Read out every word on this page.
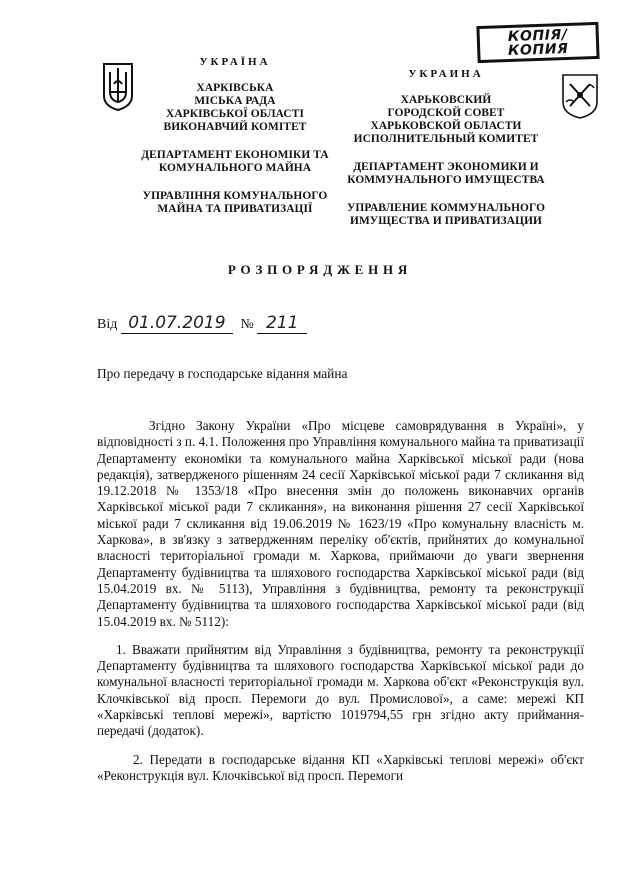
КОПІЯ/
КОПИЯ
УКРАЇНА
ХАРКІВСЬКА
МІСЬКА РАДА
ХАРКІВСЬКОЇ ОБЛАСТІ
ВИКОНАВЧИЙ КОМІТЕТ
ДЕПАРТАМЕНТ ЕКОНОМІКИ ТА
КОМУНАЛЬНОГО МАЙНА
УПРАВЛІННЯ КОМУНАЛЬНОГО
МАЙНА ТА ПРИВАТИЗАЦІЇ
УКРАИНА
ХАРЬКОВСКИЙ
ГОРОДСКОЙ СОВЕТ
ХАРЬКОВСКОЙ ОБЛАСТИ
ИСПОЛНИТЕЛЬНЫЙ КОМИТЕТ
ДЕПАРТАМЕНТ ЭКОНОМИКИ И
КОММУНАЛЬНОГО ИМУЩЕСТВА
УПРАВЛЕНИЕ КОММУНАЛЬНОГО
ИМУЩЕСТВА И ПРИВАТИЗАЦИИ
РОЗПОРЯДЖЕННЯ
Від 01.07.2019 № 211
Про передачу в господарське відання майна

Згідно Закону України «Про місцеве самоврядування в Україні», у відповідності з п. 4.1. Положення про Управління комунального майна та приватизації Департаменту економіки та комунального майна Харківської міської ради (нова редакція), затвердженого рішенням 24 сесії Харківської міської ради 7 скликання від 19.12.2018 № 1353/18 «Про внесення змін до положень виконавчих органів Харківської міської ради 7 скликання», на виконання рішення 27 сесії Харківської міської ради 7 скликання від 19.06.2019 № 1623/19 «Про комунальну власність м. Харкова», в зв'язку з затвердженням переліку об'єктів, прийнятих до комунальної власності територіальної громади м. Харкова, приймаючи до уваги звернення Департаменту будівництва та шляхового господарства Харківської міської ради (від 15.04.2019 вх. № 5113), Управління з будівництва, ремонту та реконструкції Департаменту будівництва та шляхового господарства Харківської міської ради (від 15.04.2019 вх. № 5112):

1. Вважати прийнятим від Управління з будівництва, ремонту та реконструкції Департаменту будівництва та шляхового господарства Харківської міської ради до комунальної власності територіальної громади м. Харкова об'єкт «Реконструкція вул. Клочківської від просп. Перемоги до вул. Промислової», а саме: мережі КП «Харківські теплові мережі», вартістю 1019794,55 грн згідно акту приймання-передачі (додаток).

2. Передати в господарське відання КП «Харківські теплові мережі» об'єкт «Реконструкція вул. Клочківської від просп. Перемоги
